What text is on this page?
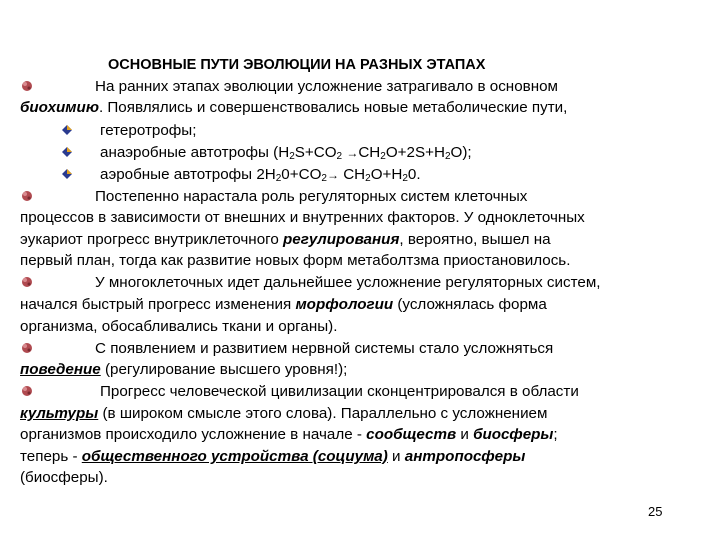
ОСНОВНЫЕ ПУТИ ЭВОЛЮЦИИ НА РАЗНЫХ ЭТАПАХ

На ранних этапах эволюции усложнение затрагивало в основном

биохимию. Появлялись и совершенствовались новые метаболические пути,

гетеротрофы;

анаэробные автотрофы $(H_2S+CO_2 \to CH_2O+2S+H_2O)$;

аэробные автотрофы $2H_20+CO_2\to CH_2O+H_20$.

Постепенно нарастала роль регуляторных систем клеточных

процессов в зависимости от внешних и внутренних факторов. У одноклеточных

эукариот прогресс внутриклеточного регулирования, вероятно, вышел на

первый план, тогда как развитие новых форм метаболтзма приостановилось.

У многоклеточных идет дальнейшее усложнение регуляторных систем,

начался быстрый прогресс изменения морфологии (усложнялась форма

организма, обосабливались ткани и органы).

С появлением и развитием нервной системы стало усложняться

поведение (регулирование высшего уровня!);

Прогресс человеческой цивилизации сконцентрировался в области

культуры (в широком смысле этого слова). Параллельно с усложнением

организмов происходило усложнение в начале - сообществ и биосферы;

теперь - общественного устройства (социума) и антропосферы

(биосферы).

25
